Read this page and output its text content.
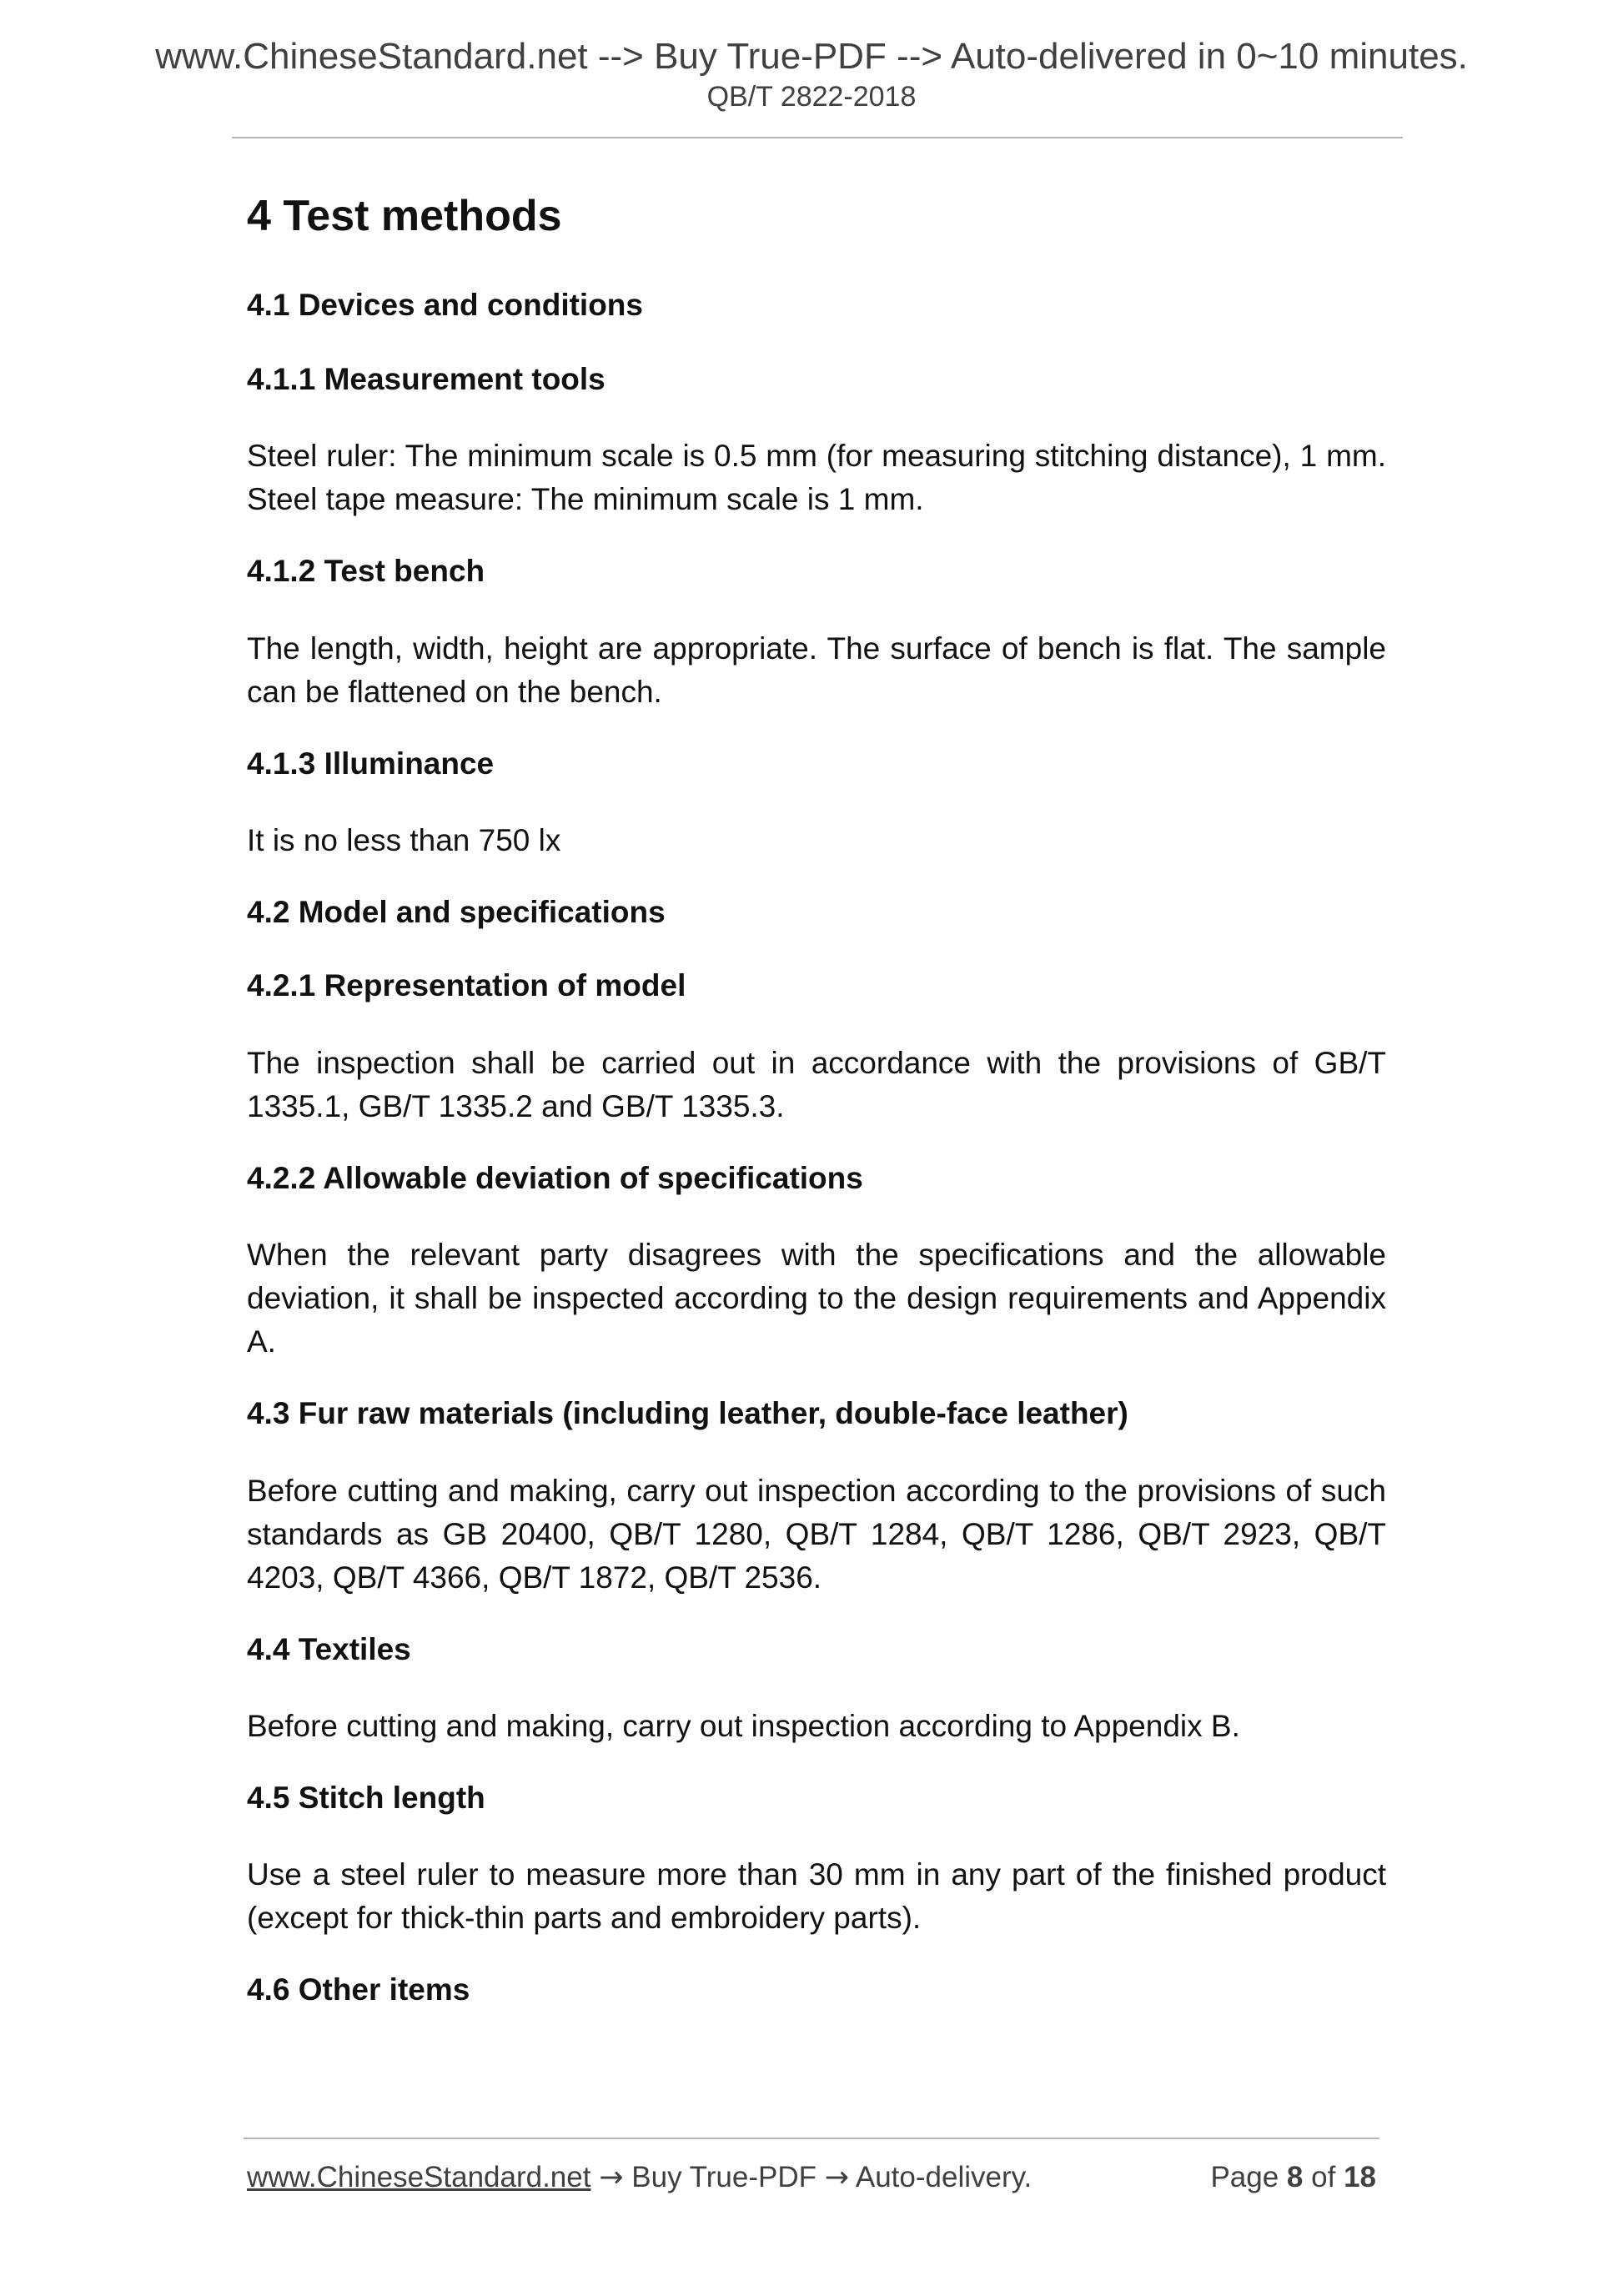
www.ChineseStandard.net --> Buy True-PDF --> Auto-delivered in 0~10 minutes.
QB/T 2822-2018
4 Test methods
4.1 Devices and conditions
4.1.1 Measurement tools
Steel ruler: The minimum scale is 0.5 mm (for measuring stitching distance), 1 mm. Steel tape measure: The minimum scale is 1 mm.
4.1.2 Test bench
The length, width, height are appropriate. The surface of bench is flat. The sample can be flattened on the bench.
4.1.3 Illuminance
It is no less than 750 lx
4.2 Model and specifications
4.2.1 Representation of model
The inspection shall be carried out in accordance with the provisions of GB/T 1335.1, GB/T 1335.2 and GB/T 1335.3.
4.2.2 Allowable deviation of specifications
When the relevant party disagrees with the specifications and the allowable deviation, it shall be inspected according to the design requirements and Appendix A.
4.3 Fur raw materials (including leather, double-face leather)
Before cutting and making, carry out inspection according to the provisions of such standards as GB 20400, QB/T 1280, QB/T 1284, QB/T 1286, QB/T 2923, QB/T 4203, QB/T 4366, QB/T 1872, QB/T 2536.
4.4 Textiles
Before cutting and making, carry out inspection according to Appendix B.
4.5 Stitch length
Use a steel ruler to measure more than 30 mm in any part of the finished product (except for thick-thin parts and embroidery parts).
4.6 Other items
www.ChineseStandard.net → Buy True-PDF → Auto-delivery.	Page 8 of 18
